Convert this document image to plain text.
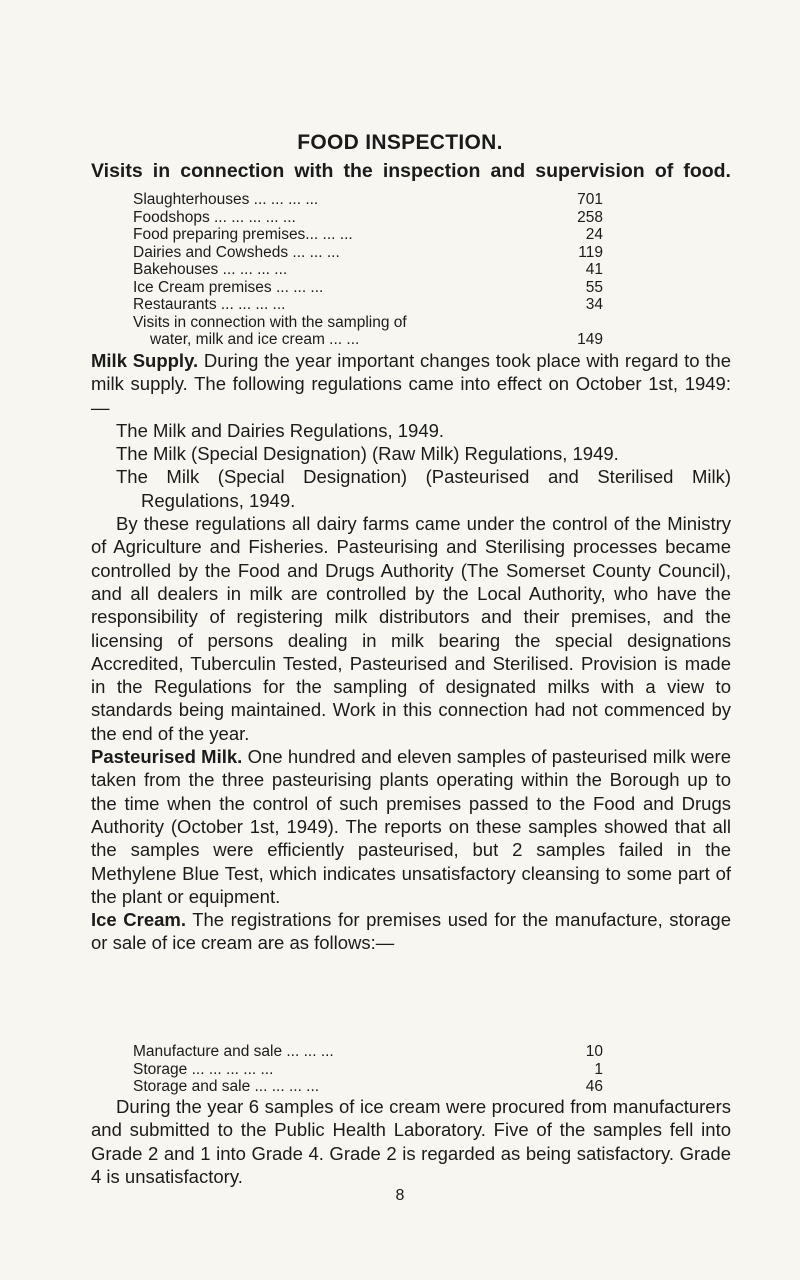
FOOD INSPECTION.
Visits in connection with the inspection and supervision of food.
Slaughterhouses ... ... ... ...	701
Foodshops ... ... ... ... ...	258
Food preparing premises... ... ...	24
Dairies and Cowsheds ... ... ...	119
Bakehouses ... ... ... ...	41
Ice Cream premises ... ... ...	55
Restaurants ... ... ... ...	34
Visits in connection with the sampling of
water, milk and ice cream ... ...	149

Milk Supply. During the year important changes took place with regard to the milk supply. The following regulations came into effect on October 1st, 1949:—

The Milk and Dairies Regulations, 1949.

The Milk (Special Designation) (Raw Milk) Regulations, 1949.

The Milk (Special Designation) (Pasteurised and Sterilised Milk) Regulations, 1949.

By these regulations all dairy farms came under the control of the Ministry of Agriculture and Fisheries. Pasteurising and Sterilising processes became controlled by the Food and Drugs Authority (The Somerset County Council), and all dealers in milk are controlled by the Local Authority, who have the responsibility of registering milk distributors and their premises, and the licensing of persons dealing in milk bearing the special designations Accredited, Tuberculin Tested, Pasteurised and Sterilised. Provision is made in the Regulations for the sampling of designated milks with a view to standards being maintained. Work in this connection had not commenced by the end of the year.

Pasteurised Milk. One hundred and eleven samples of pasteurised milk were taken from the three pasteurising plants operating within the Borough up to the time when the control of such premises passed to the Food and Drugs Authority (October 1st, 1949). The reports on these samples showed that all the samples were efficiently pasteurised, but 2 samples failed in the Methylene Blue Test, which indicates unsatisfactory cleansing to some part of the plant or equipment.

Ice Cream. The registrations for premises used for the manufacture, storage or sale of ice cream are as follows:—

Manufacture and sale ... ... ...	10
Storage ... ... ... ... ...	1
Storage and sale ... ... ... ...	46
During the year 6 samples of ice cream were procured from manufacturers and submitted to the Public Health Laboratory. Five of the samples fell into Grade 2 and 1 into Grade 4. Grade 2 is regarded as being satisfactory. Grade 4 is unsatisfactory.
8
